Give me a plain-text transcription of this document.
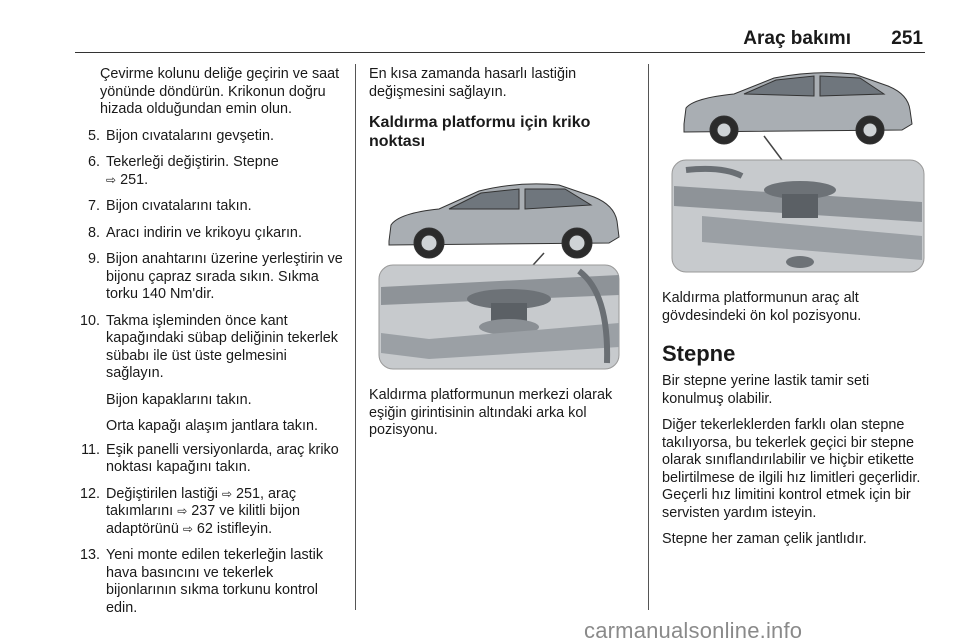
Araç bakımı 251

Çevirme kolunu deliğe geçirin ve saat yönünde döndürün. Krikonun doğru hizada olduğundan emin olun.

5. Bijon cıvatalarını gevşetin.
6. Tekerleği değiştirin. Stepne
⇨ 251.
7. Bijon cıvatalarını takın.
8. Aracı indirin ve krikoyu çıkarın.
9. Bijon anahtarını üzerine yerleştirin ve bijonu çapraz sırada sıkın. Sıkma torku 140 Nm'dir.
10. Takma işleminden önce kant kapağındaki sübap deliğinin tekerlek sübabı ile üst üste gelmesini sağlayın.
Bijon kapaklarını takın.
Orta kapağı alaşım jantlara takın.
11. Eşik panelli versiyonlarda, araç kriko noktası kapağını takın.
12. Değiştirilen lastiği ⇨ 251, araç takımlarını ⇨ 237 ve kilitli bijon adaptörünü ⇨ 62 istifleyin.
13. Yeni monte edilen tekerleğin lastik hava basıncını ve tekerlek bijonlarının sıkma torkunu kontrol edin.

En kısa zamanda hasarlı lastiğin değişmesini sağlayın.

Kaldırma platformu için kriko noktası

Kaldırma platformunun merkezi olarak eşiğin girintisinin altındaki arka kol pozisyonu.

Kaldırma platformunun araç alt gövdesindeki ön kol pozisyonu.

Stepne

Bir stepne yerine lastik tamir seti konulmuş olabilir.

Diğer tekerleklerden farklı olan stepne takılıyorsa, bu tekerlek geçici bir stepne olarak sınıflandırılabilir ve hiçbir etikette belirtilmese de ilgili hız limitleri geçerlidir. Geçerli hız limitini kontrol etmek için bir servisten yardım isteyin.

Stepne her zaman çelik jantlıdır.

carmanualsonline.info
